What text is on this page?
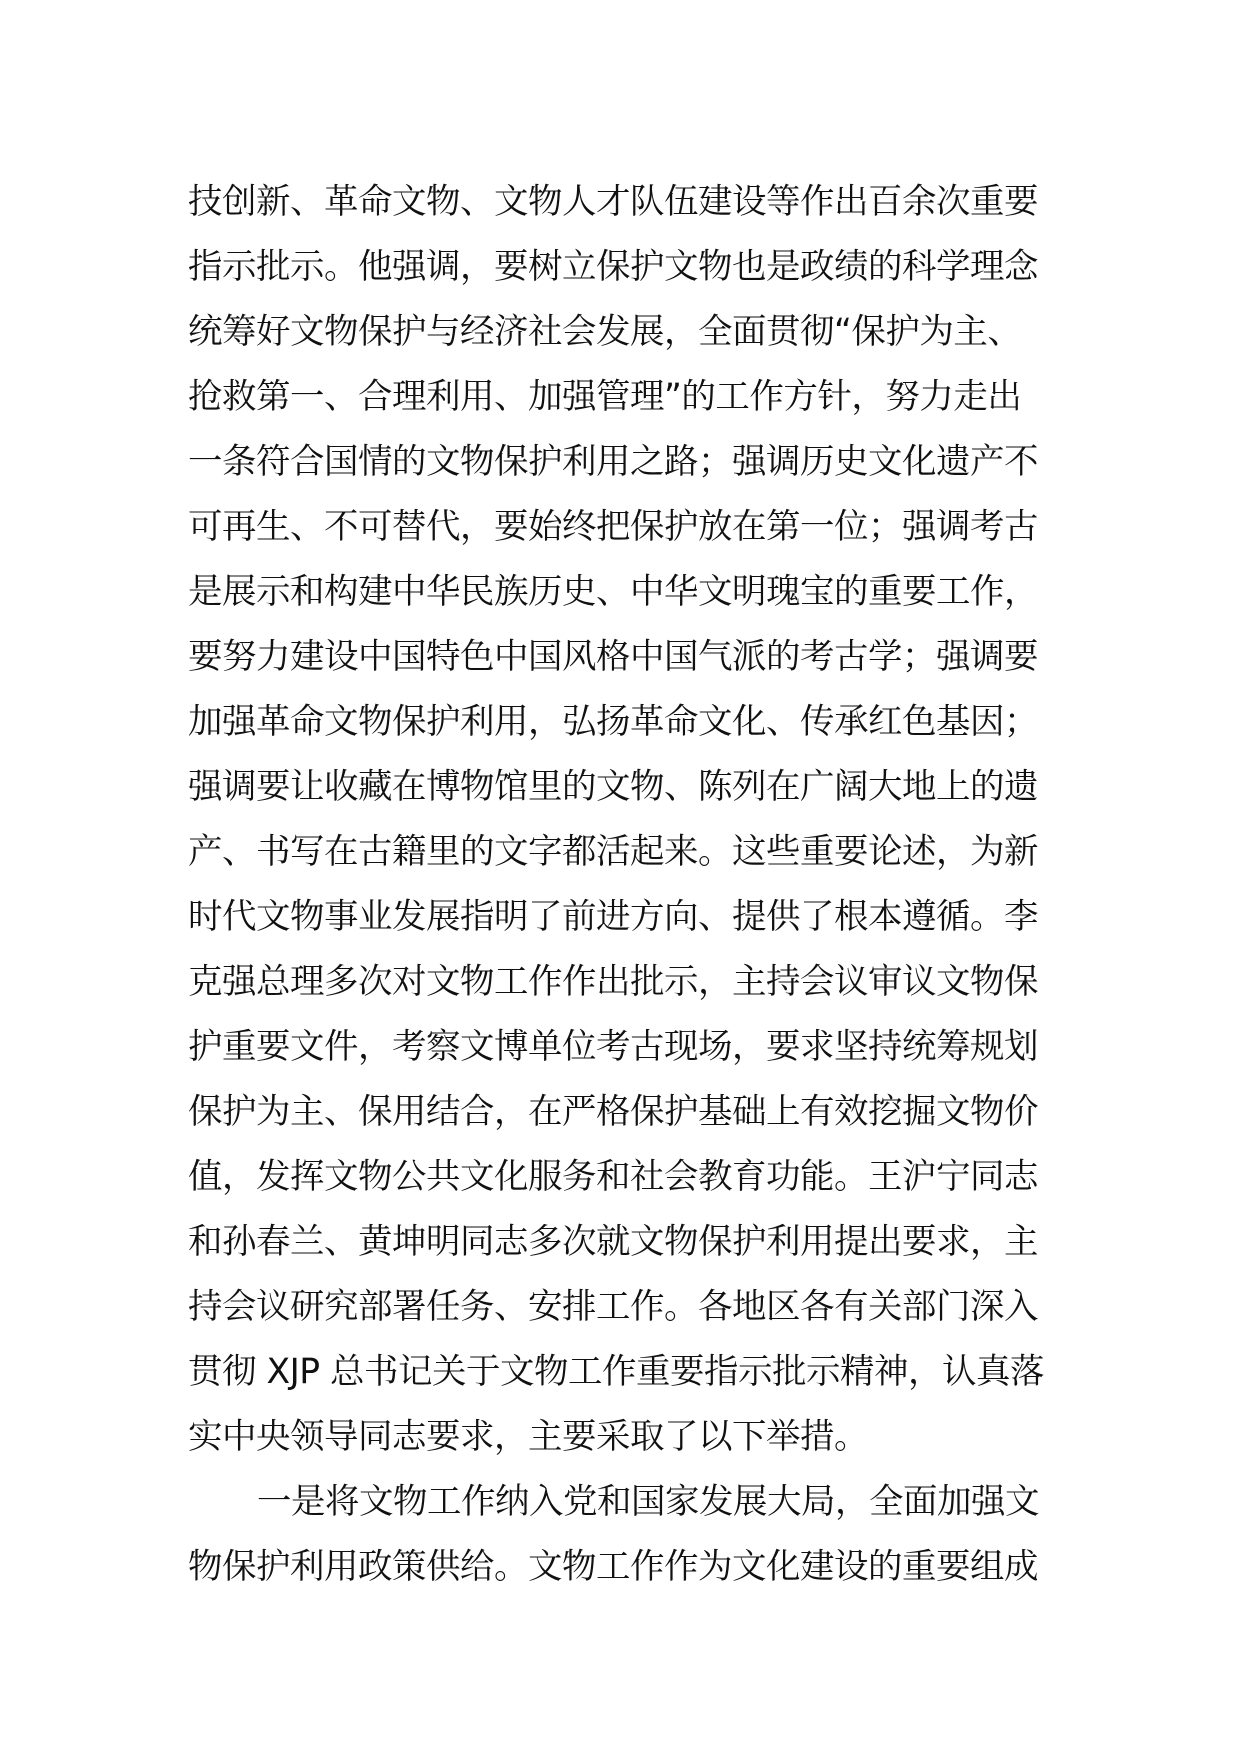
技创新、革命文物、文物人才队伍建设等作出百余次重要
指示批示。他强调，要树立保护文物也是政绩的科学理念
统筹好文物保护与经济社会发展，全面贯彻“保护为主、
抢救第一、合理利用、加强管理”的工作方针，努力走出
一条符合国情的文物保护利用之路；强调历史文化遗产不
可再生、不可替代，要始终把保护放在第一位；强调考古
是展示和构建中华民族历史、中华文明瑰宝的重要工作，
要努力建设中国特色中国风格中国气派的考古学；强调要
加强革命文物保护利用，弘扬革命文化、传承红色基因；
强调要让收藏在博物馆里的文物、陈列在广阔大地上的遗
产、书写在古籍里的文字都活起来。这些重要论述，为新
时代文物事业发展指明了前进方向、提供了根本遵循。李
克强总理多次对文物工作作出批示，主持会议审议文物保
护重要文件，考察文博单位考古现场，要求坚持统筹规划
保护为主、保用结合，在严格保护基础上有效挖掘文物价
值，发挥文物公共文化服务和社会教育功能。王沪宁同志
和孙春兰、黄坤明同志多次就文物保护利用提出要求，主
持会议研究部署任务、安排工作。各地区各有关部门深入
贯彻 XJP 总书记关于文物工作重要指示批示精神，认真落
实中央领导同志要求，主要采取了以下举措。
一是将文物工作纳入党和国家发展大局，全面加强文
物保护利用政策供给。文物工作作为文化建设的重要组成
